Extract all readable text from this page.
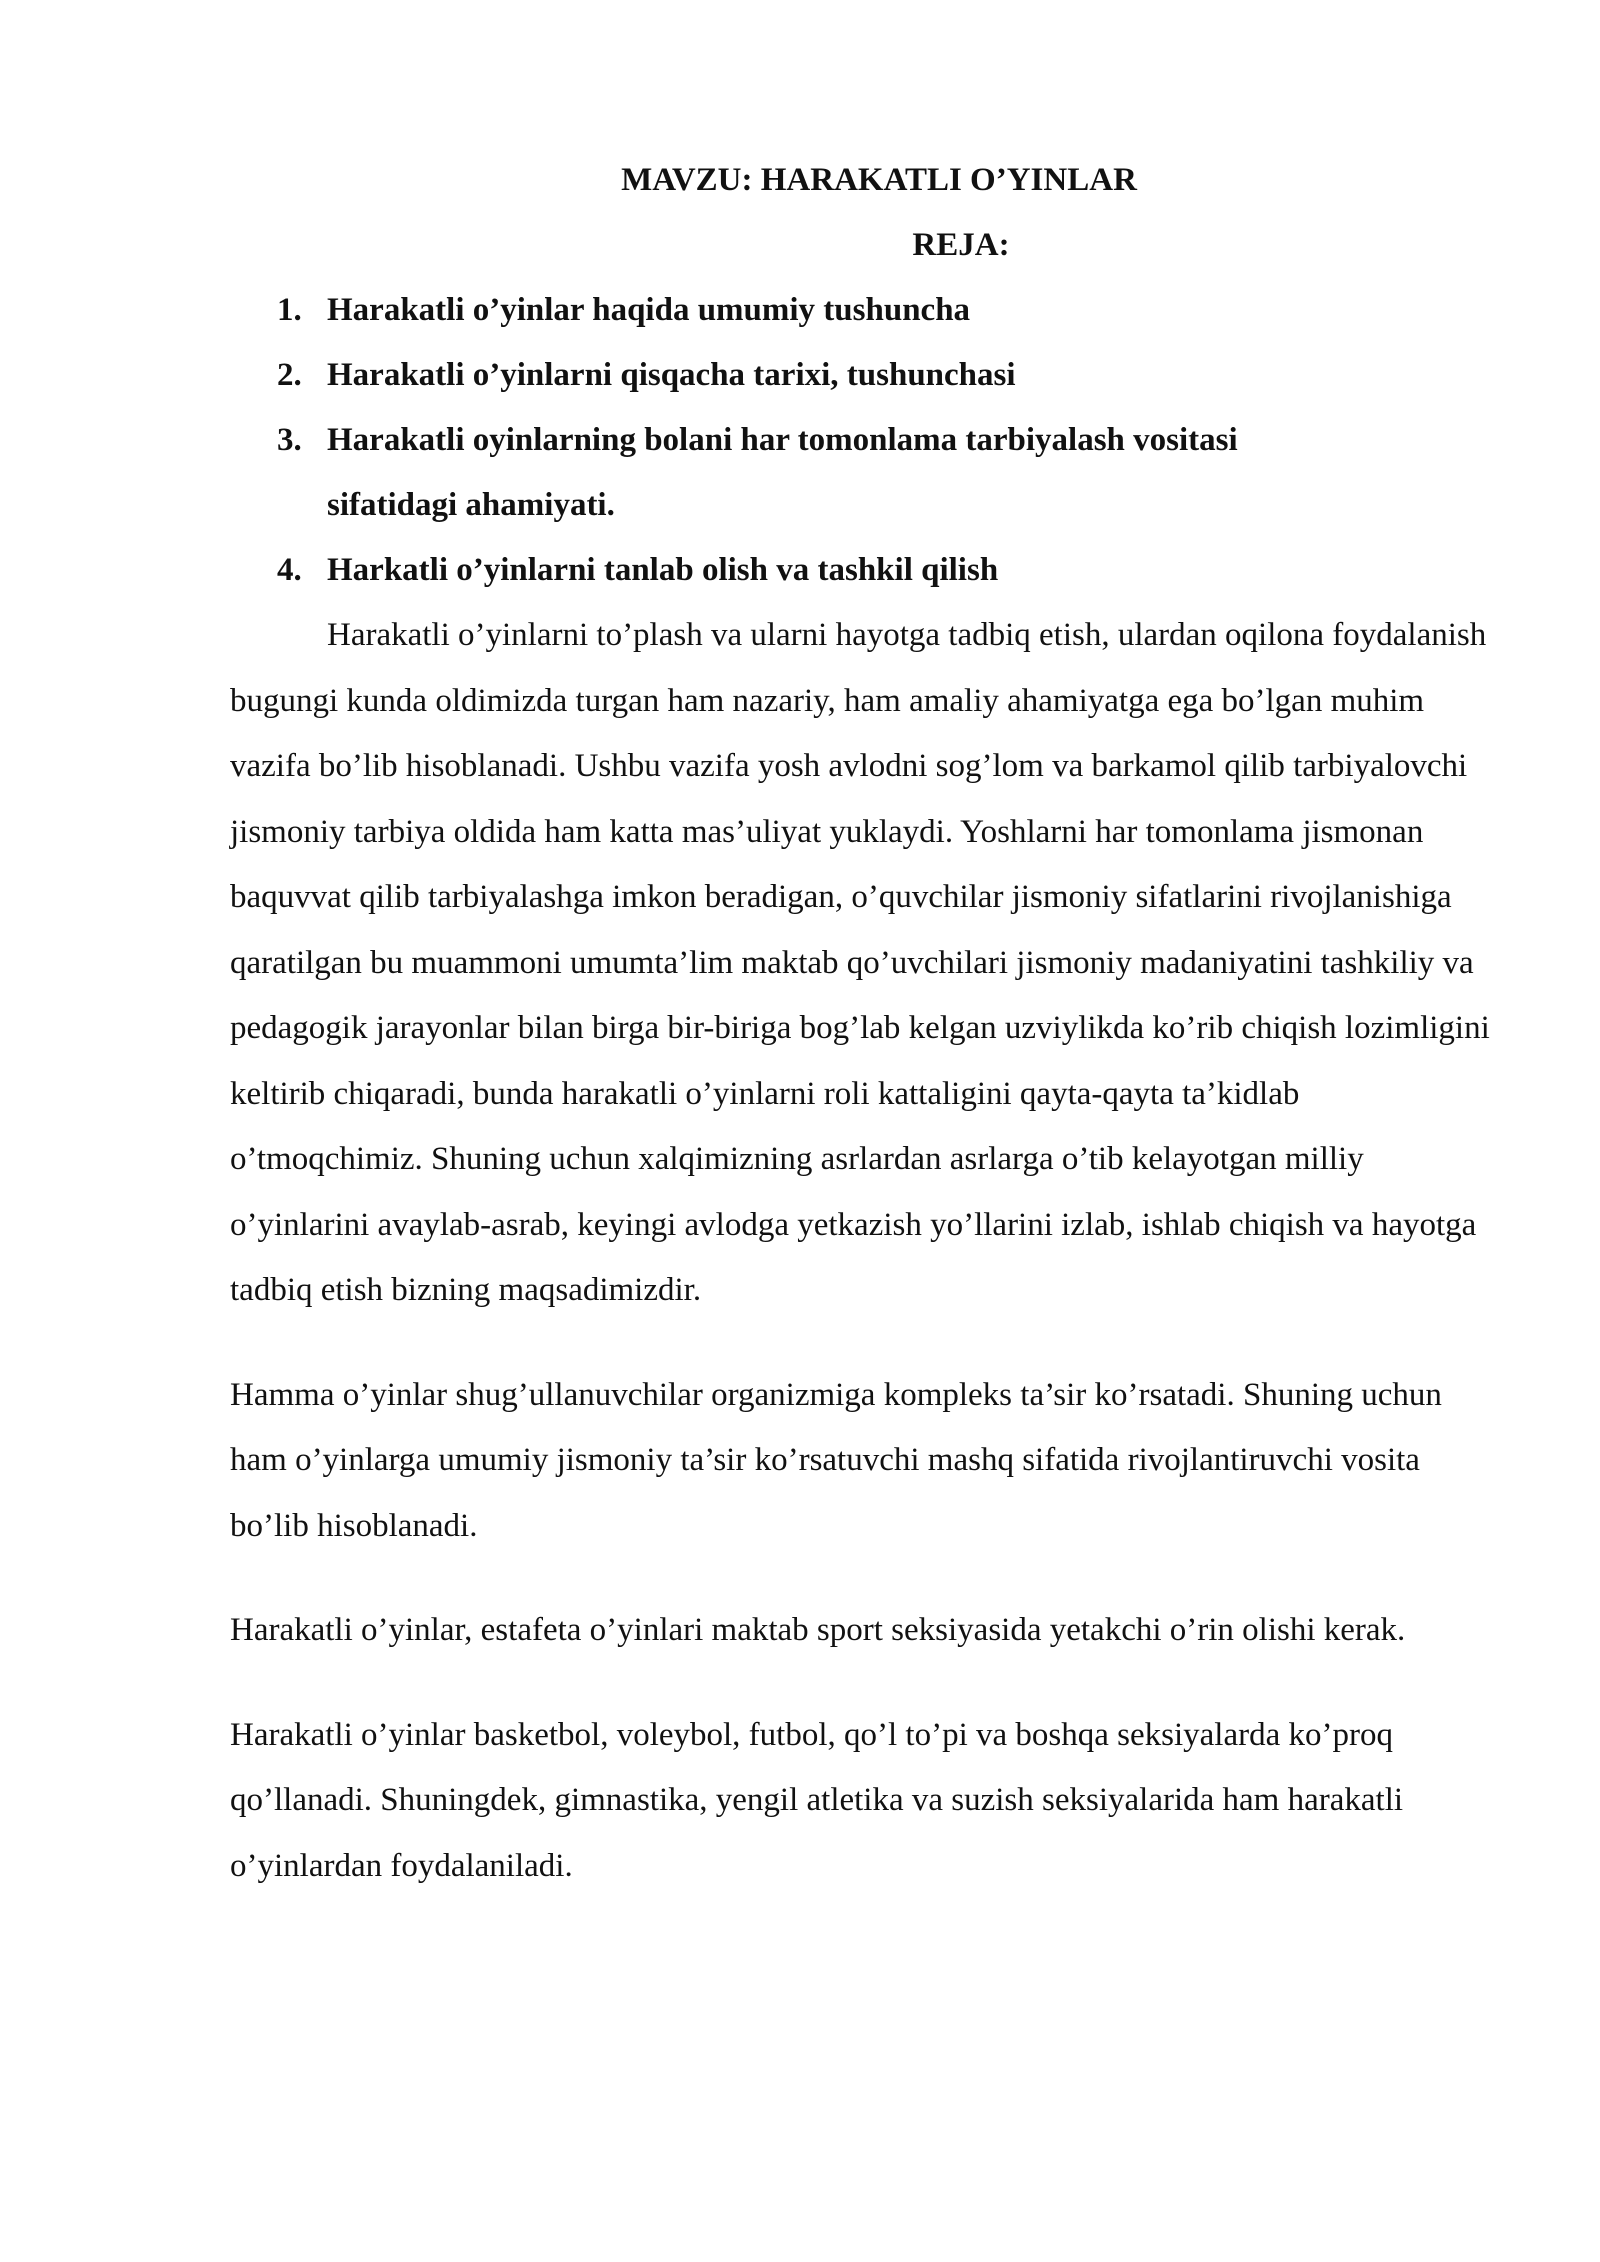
MAVZU: HARAKATLI O’YINLAR
REJA:
1. Harakatli o’yinlar haqida umumiy tushuncha
2. Harakatli o’yinlarni qisqacha tarixi, tushunchasi
3. Harakatli oyinlarning bolani har tomonlama tarbiyalash vositasi sifatidagi ahamiyati.
4. Harkatli o’yinlarni tanlab olish va tashkil qilish

Harakatli o’yinlarni to’plash va ularni hayotga tadbiq etish, ulardan oqilona foydalanish bugungi kunda oldimizda turgan ham nazariy, ham amaliy ahamiyatga ega bo’lgan muhim vazifa bo’lib hisoblanadi. Ushbu vazifa yosh avlodni sog’lom va barkamol qilib tarbiyalovchi jismoniy tarbiya oldida ham katta mas’uliyat yuklaydi. Yoshlarni har tomonlama jismonan baquvvat qilib tarbiyalashga imkon beradigan, o’quvchilar jismoniy sifatlarini rivojlanishiga qaratilgan bu muammoni umumta’lim maktab qo’uvchilari jismoniy madaniyatini tashkiliy va pedagogik jarayonlar bilan birga bir-biriga bog’lab kelgan uzviylikda ko’rib chiqish lozimligini keltirib chiqaradi, bunda harakatli o’yinlarni roli kattaligini qayta-qayta ta’kidlab o’tmoqchimiz. Shuning uchun xalqimizning asrlardan asrlarga o’tib kelayotgan milliy o’yinlarini avaylab-asrab, keyingi avlodga yetkazish yo’llarini izlab, ishlab chiqish va hayotga tadbiq etish bizning maqsadimizdir.

Hamma o’yinlar shug’ullanuvchilar organizmiga kompleks ta’sir ko’rsatadi. Shuning uchun ham o’yinlarga umumiy jismoniy ta’sir ko’rsatuvchi mashq sifatida rivojlantiruvchi vosita bo’lib hisoblanadi.

Harakatli o’yinlar, estafeta o’yinlari maktab sport seksiyasida yetakchi o’rin olishi kerak.

Harakatli o’yinlar basketbol, voleybol, futbol, qo’l to’pi va boshqa seksiyalarda ko’proq qo’llanadi. Shuningdek, gimnastika, yengil atletika va suzish seksiyalarida ham harakatli o’yinlardan foydalaniladi.
